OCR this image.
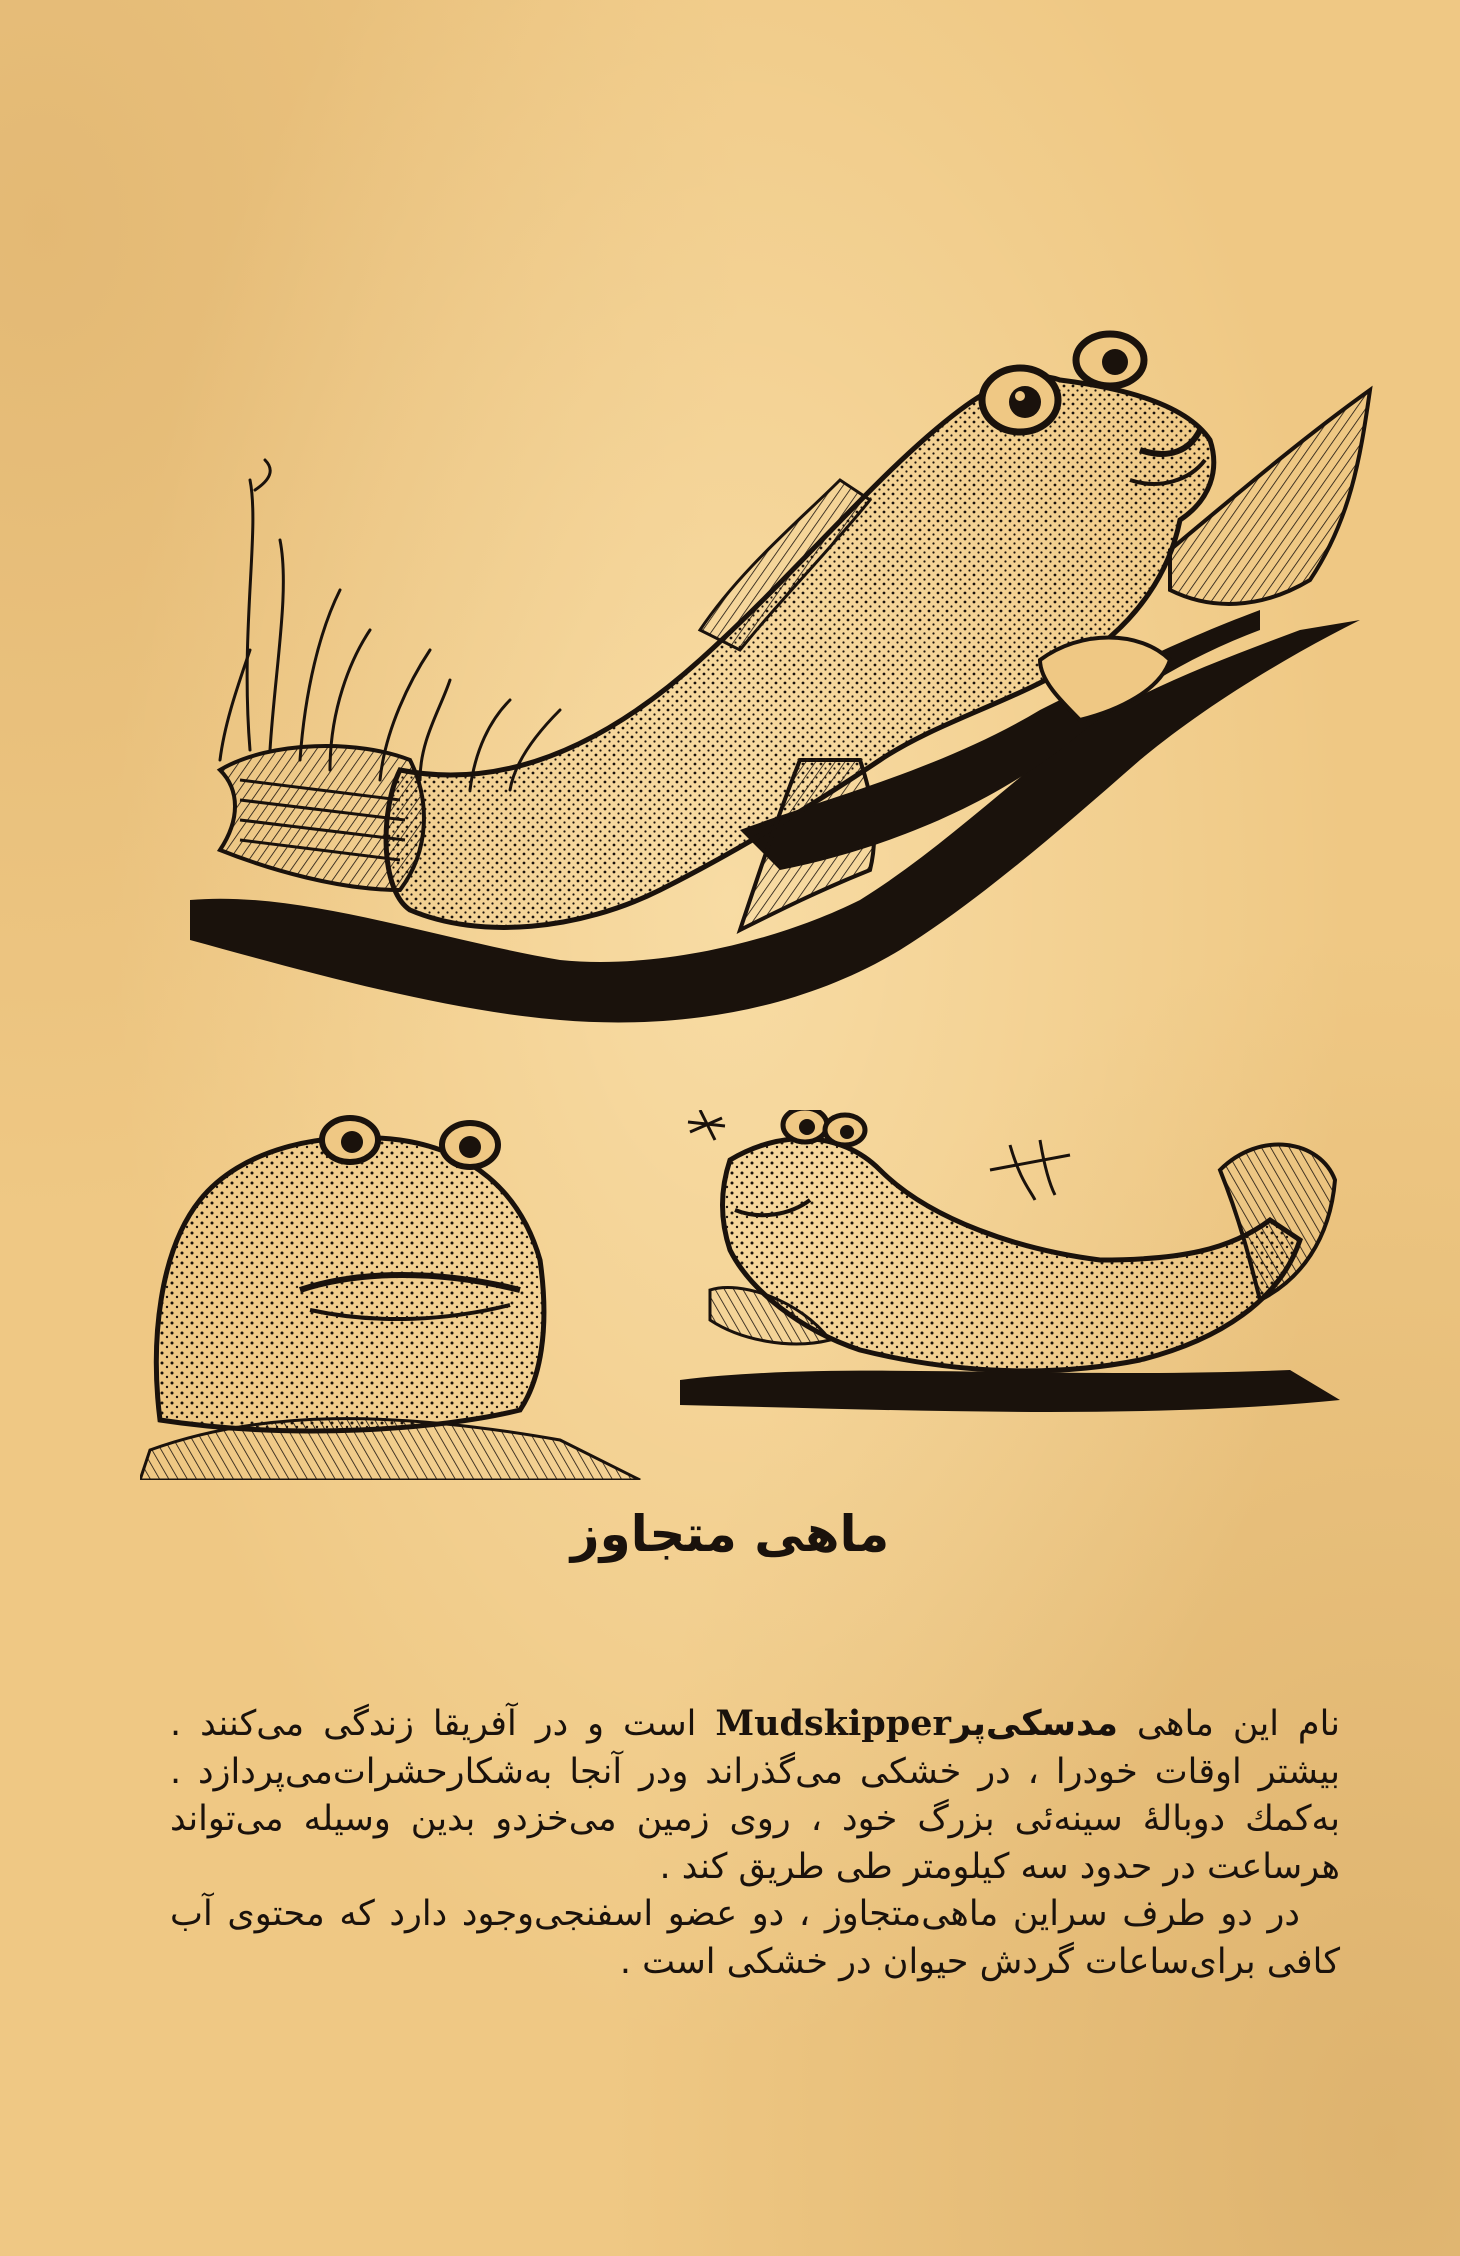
ماهی متجاوز

نام این ماهی مدسکی‌پرMudskipper است و در آفریقا زندگی می‌کنند . بیشتر اوقات خودرا ، در خشکی می‌گذراند ودر آنجا به‌شکارحشرات‌می‌پردازد . به‌کمك دوبالهٔ سینه‌ئی بزرگ خود ، روی زمین می‌خزدو بدین وسیله می‌تواند هرساعت در حدود سه کیلومتر طی طریق کند .

در دو طرف سراین ماهی‌متجاوز ، دو عضو اسفنجی‌وجود دارد که محتوی آب کافی برای‌ساعات گردش حیوان در خشکی است .
